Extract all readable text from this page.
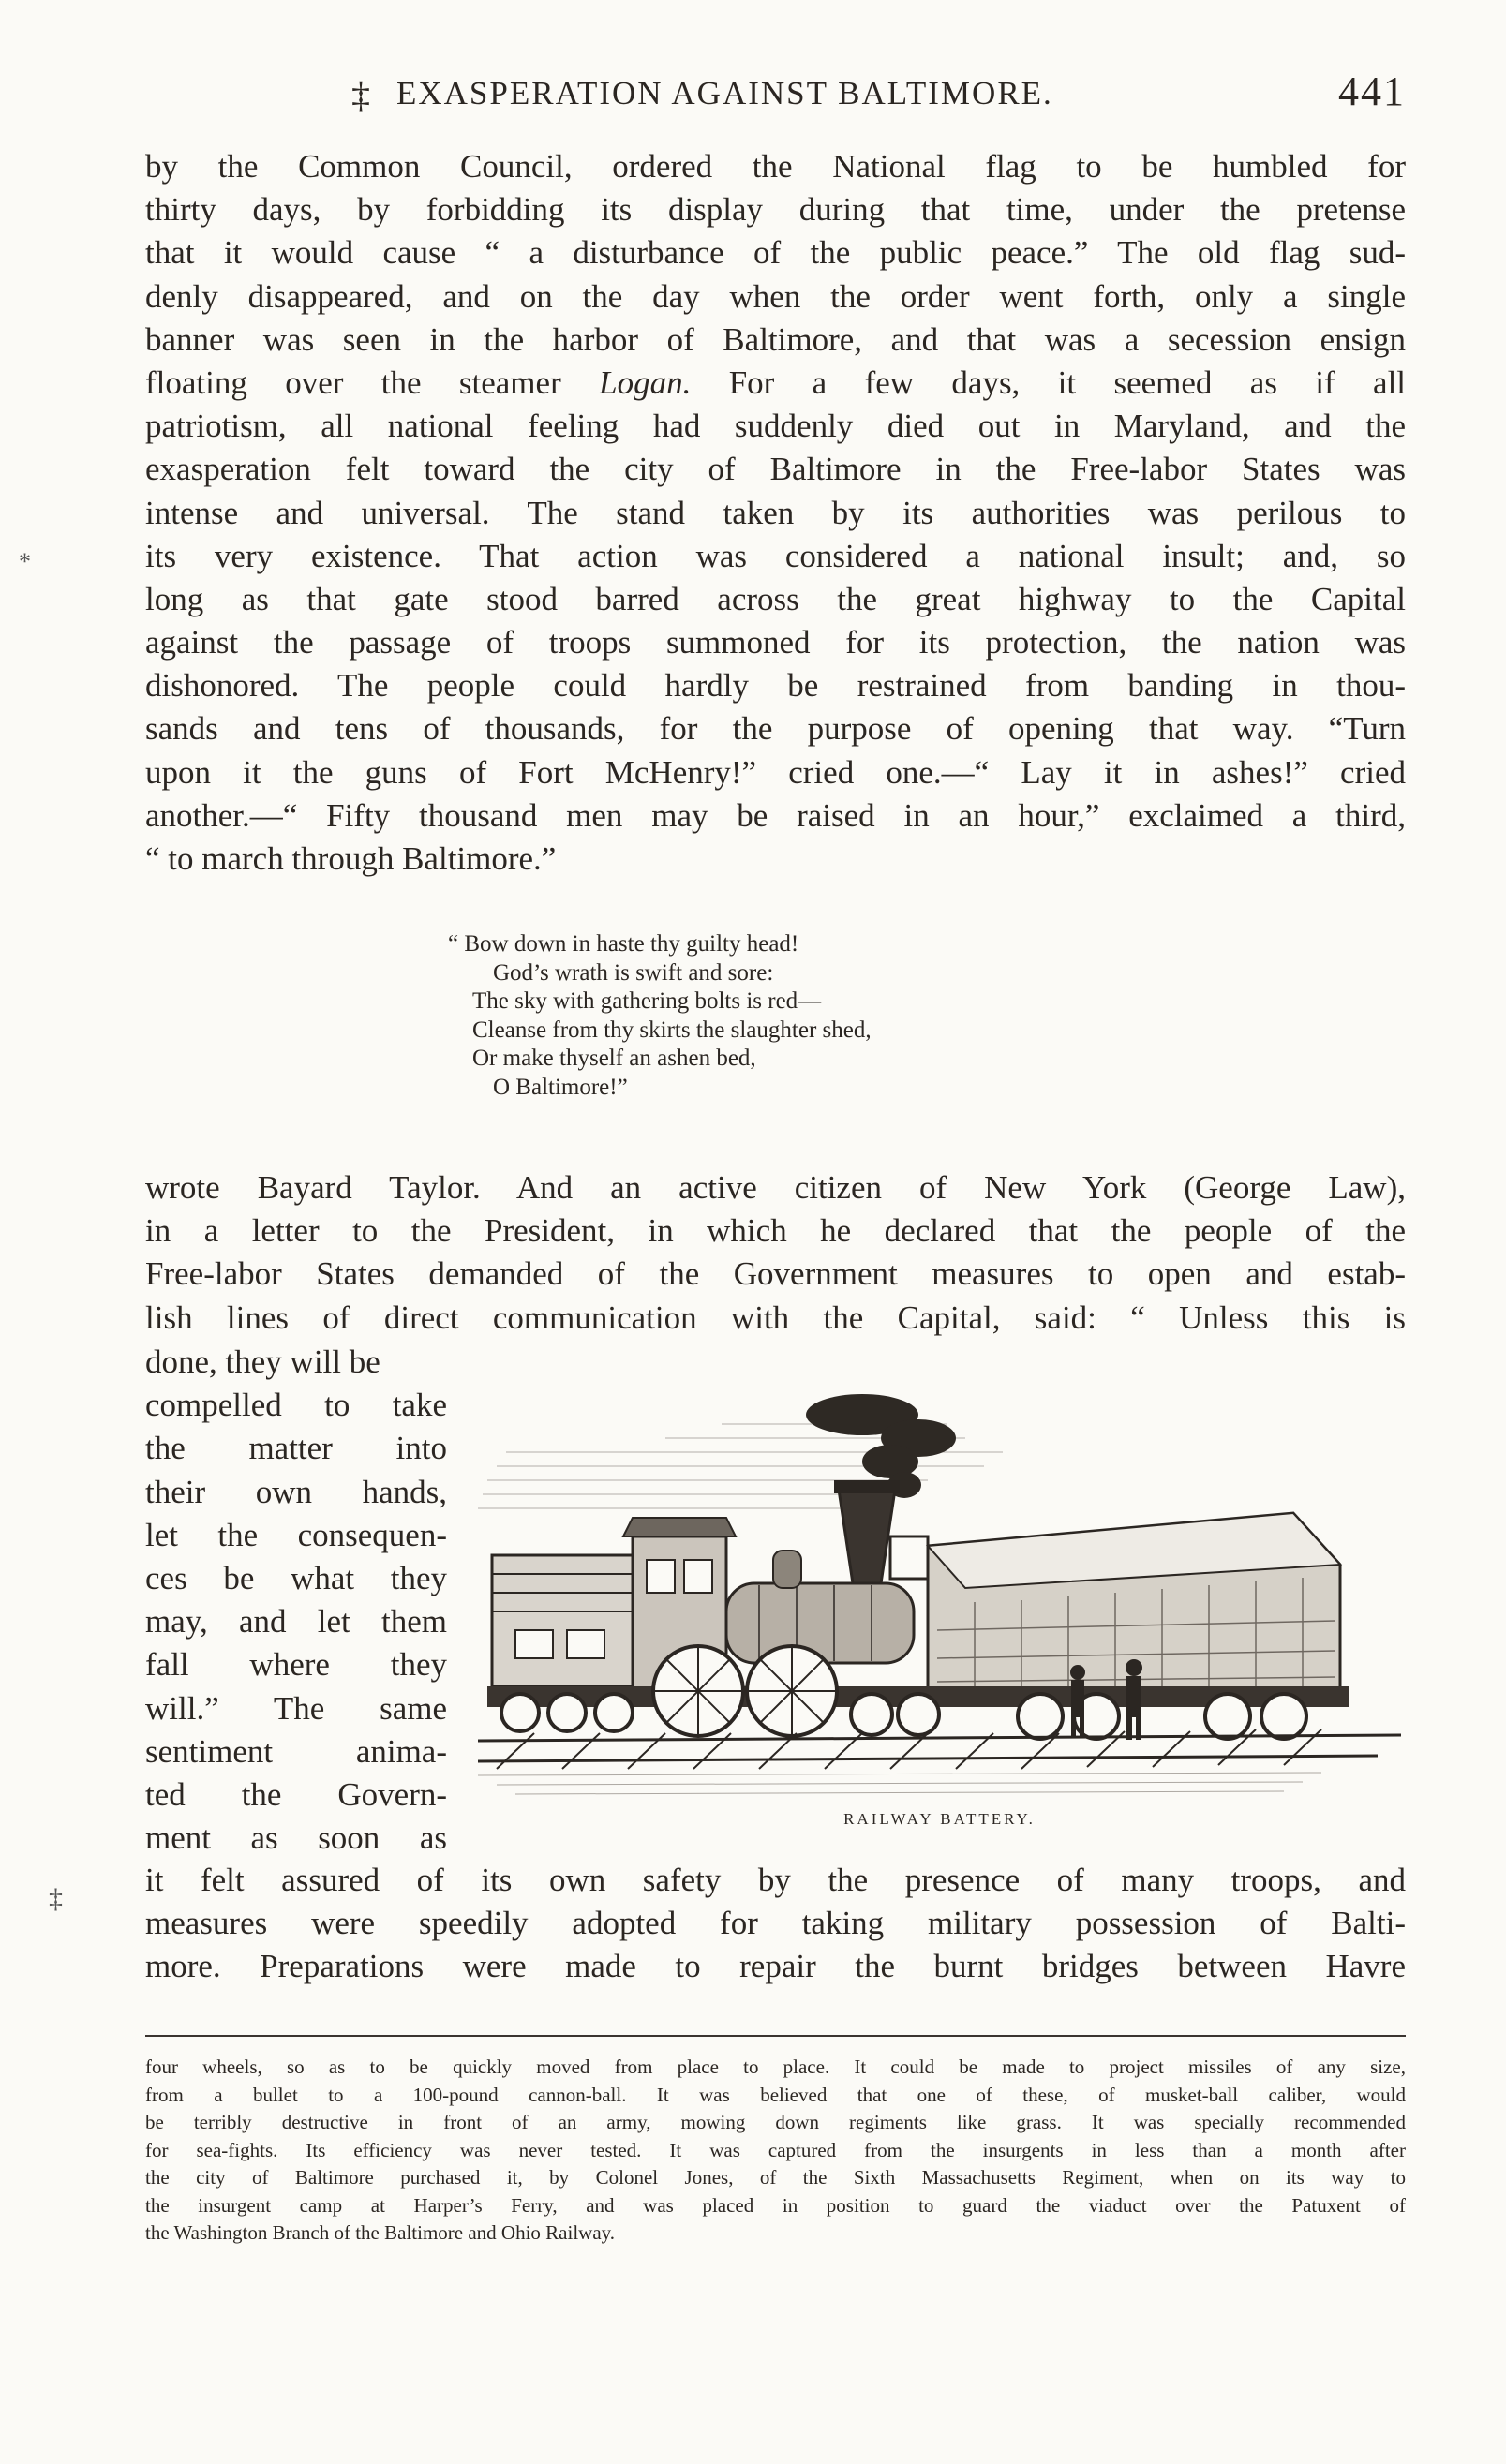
‡ EXASPERATION AGAINST BALTIMORE.	441
*
‡
by the Common Council, ordered the National flag to be humbled for
thirty days, by forbidding its display during that time, under the pretense
that it would cause “ a disturbance of the public peace.” The old flag sud-
denly disappeared, and on the day when the order went forth, only a single
banner was seen in the harbor of Baltimore, and that was a secession ensign
floating over the steamer Logan. For a few days, it seemed as if all
patriotism, all national feeling had suddenly died out in Maryland, and the
exasperation felt toward the city of Baltimore in the Free-labor States was
intense and universal. The stand taken by its authorities was perilous to
its very existence. That action was considered a national insult; and, so
long as that gate stood barred across the great highway to the Capital
against the passage of troops summoned for its protection, the nation was
dishonored. The people could hardly be restrained from banding in thou-
sands and tens of thousands, for the purpose of opening that way. “Turn
upon it the guns of Fort McHenry!” cried one.—“ Lay it in ashes!” cried
another.—“ Fifty thousand men may be raised in an hour,” exclaimed a third,
“ to march through Baltimore.”
“ Bow down in haste thy guilty head!
God’s wrath is swift and sore:
The sky with gathering bolts is red—
Cleanse from thy skirts the slaughter shed,
Or make thyself an ashen bed,
O Baltimore!”
wrote Bayard Taylor. And an active citizen of New York (George Law),
in a letter to the President, in which he declared that the people of the
Free-labor States demanded of the Government measures to open and estab-
lish lines of direct communication with the Capital, said: “ Unless this is
done, they will be
compelled to take
the matter into
their own hands,
let the consequen-
ces be what they
may, and let them
fall where they
will.” The same
sentiment anima-
ted the Govern-
ment as soon as
RAILWAY BATTERY.
it felt assured of its own safety by the presence of many troops, and
measures were speedily adopted for taking military possession of Balti-
more. Preparations were made to repair the burnt bridges between Havre
four wheels, so as to be quickly moved from place to place. It could be made to project missiles of any size,
from a bullet to a 100-pound cannon-ball. It was believed that one of these, of musket-ball caliber, would
be terribly destructive in front of an army, mowing down regiments like grass. It was specially recommended
for sea-fights. Its efficiency was never tested. It was captured from the insurgents in less than a month after
the city of Baltimore purchased it, by Colonel Jones, of the Sixth Massachusetts Regiment, when on its way to
the insurgent camp at Harper’s Ferry, and was placed in position to guard the viaduct over the Patuxent of
the Washington Branch of the Baltimore and Ohio Railway.
